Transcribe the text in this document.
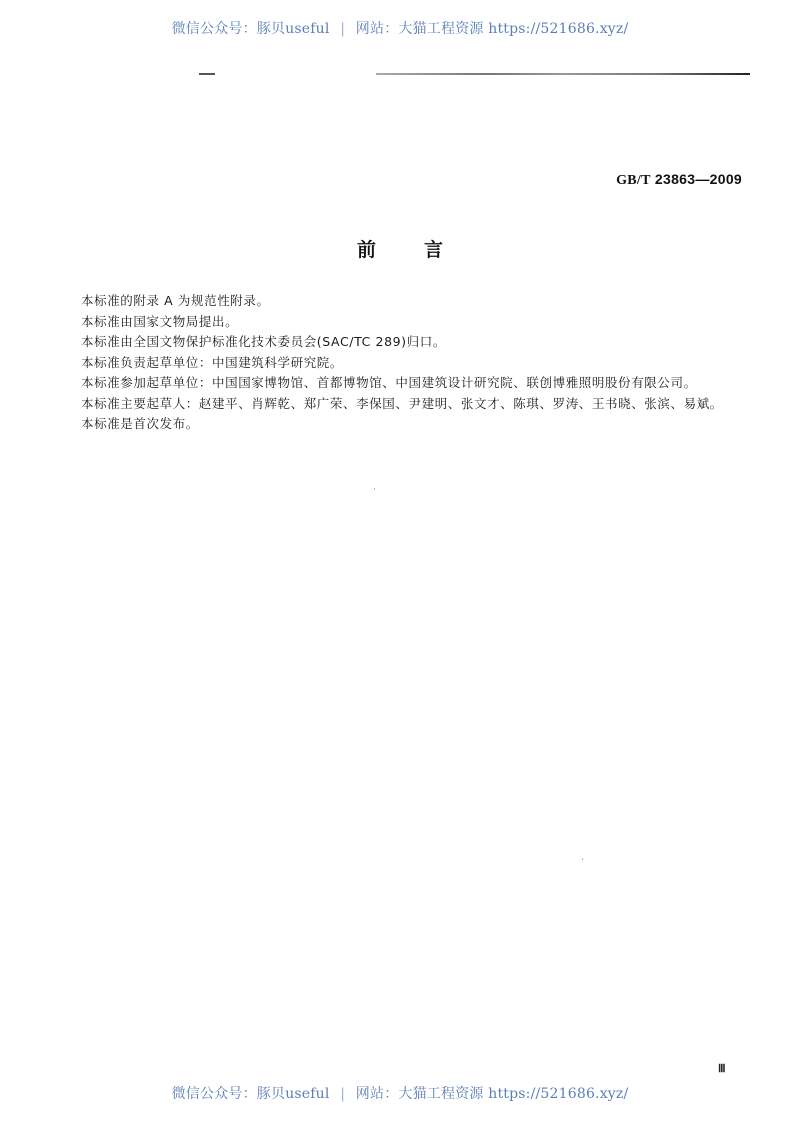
微信公众号：豚贝useful | 网站：大猫工程资源 https://521686.xyz/
GB/T 23863—2009
前	言

本标准的附录 A 为规范性附录。

本标准由国家文物局提出。

本标准由全国文物保护标准化技术委员会(SAC/TC 289)归口。

本标准负责起草单位：中国建筑科学研究院。

本标准参加起草单位：中国国家博物馆、首都博物馆、中国建筑设计研究院、联创博雅照明股份有限公司。

本标准主要起草人：赵建平、肖辉乾、郑广荣、李保国、尹建明、张文才、陈琪、罗涛、王书晓、张滨、易斌。

本标准是首次发布。

Ⅲ
微信公众号：豚贝useful | 网站：大猫工程资源 https://521686.xyz/
